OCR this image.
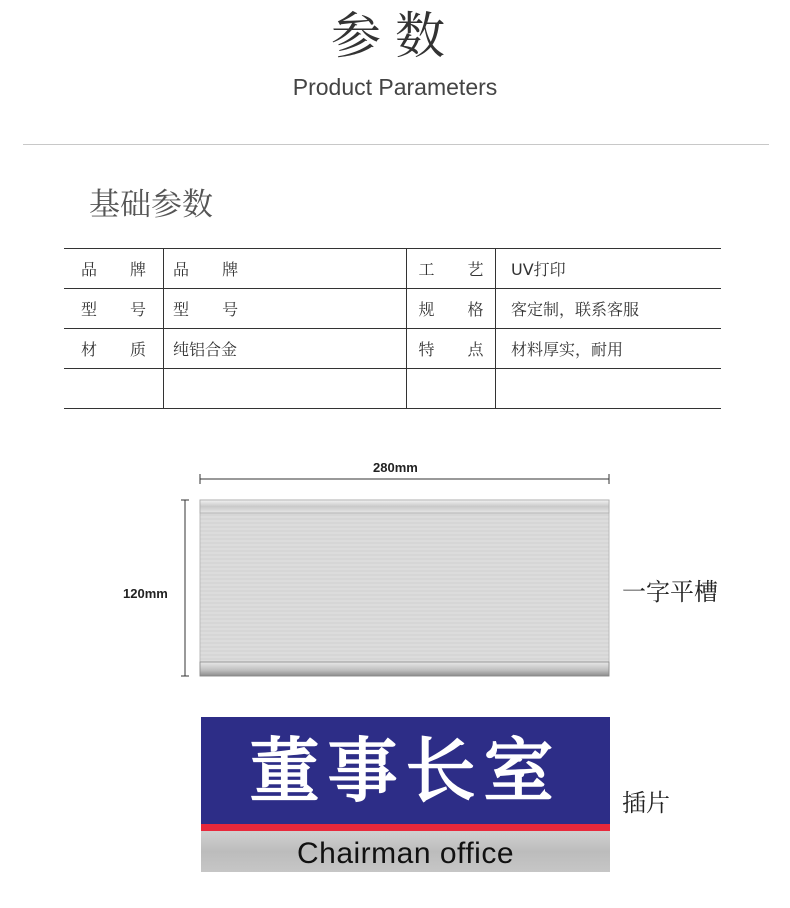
参数
Product Parameters
基础参数
品 牌	品 牌	工 艺	UV打印
型 号	型 号	规 格	客定制，联系客服
材 质	纯铝合金	特 点	材料厚实，耐用

280mm
120mm	一字平槽
董事长室
Chairman office
插片
